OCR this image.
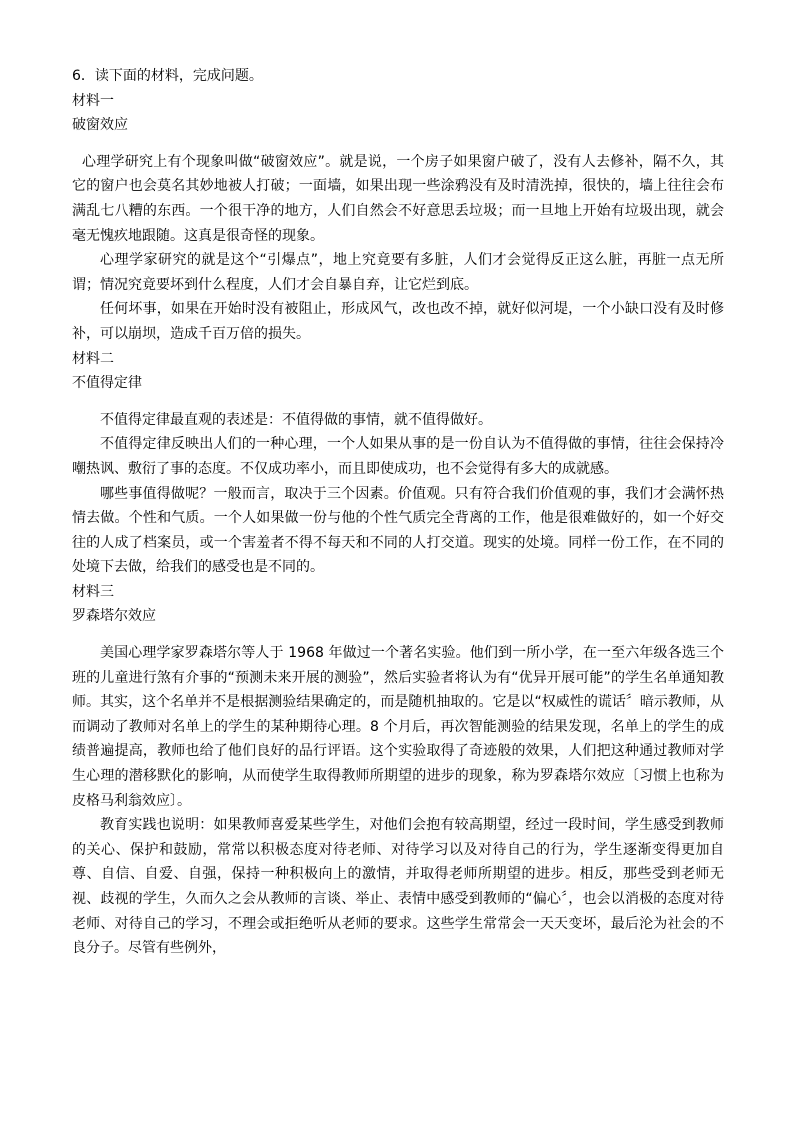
6．读下面的材料，完成问题。

材料一

破窗效应

心理学研究上有个现象叫做“破窗效应”。就是说，一个房子如果窗户破了，没有人去修补，隔不久，其它的窗户也会莫名其妙地被人打破；一面墙，如果出现一些涂鸦没有及时清洗掉，很快的，墙上往往会布满乱七八糟的东西。一个很干净的地方，人们自然会不好意思丢垃圾；而一旦地上开始有垃圾出现，就会毫无愧疚地跟随。这真是很奇怪的现象。

心理学家研究的就是这个“引爆点”，地上究竟要有多脏，人们才会觉得反正这么脏，再脏一点无所谓；情况究竟要坏到什么程度，人们才会自暴自弃，让它烂到底。

任何坏事，如果在开始时没有被阻止，形成风气，改也改不掉，就好似河堤，一个小缺口没有及时修补，可以崩坝，造成千百万倍的损失。

材料二

不值得定律

不值得定律最直观的表述是：不值得做的事情，就不值得做好。

不值得定律反映出人们的一种心理，一个人如果从事的是一份自认为不值得做的事情，往往会保持冷嘲热讽、敷衍了事的态度。不仅成功率小，而且即使成功，也不会觉得有多大的成就感。

哪些事值得做呢？一般而言，取决于三个因素。价值观。只有符合我们价值观的事，我们才会满怀热情去做。个性和气质。一个人如果做一份与他的个性气质完全背离的工作，他是很难做好的，如一个好交往的人成了档案员，或一个害羞者不得不每天和不同的人打交道。现实的处境。同样一份工作，在不同的处境下去做，给我们的感受也是不同的。

材料三

罗森塔尔效应

美国心理学家罗森塔尔等人于 1968 年做过一个著名实验。他们到一所小学，在一至六年级各选三个班的儿童进行煞有介事的“预测未来开展的测验”，然后实验者将认为有“优异开展可能”的学生名单通知教师。其实，这个名单并不是根据测验结果确定的，而是随机抽取的。它是以“权威性的谎话〞暗示教师，从而调动了教师对名单上的学生的某种期待心理。8 个月后，再次智能测验的结果发现，名单上的学生的成绩普遍提高，教师也给了他们良好的品行评语。这个实验取得了奇迹般的效果，人们把这种通过教师对学生心理的潜移默化的影响，从而使学生取得教师所期望的进步的现象，称为罗森塔尔效应〔习惯上也称为皮格马利翁效应〕。

教育实践也说明：如果教师喜爱某些学生，对他们会抱有较高期望，经过一段时间，学生感受到教师的关心、保护和鼓励，常常以积极态度对待老师、对待学习以及对待自己的行为，学生逐渐变得更加自尊、自信、自爱、自强，保持一种积极向上的激情，并取得老师所期望的进步。相反，那些受到老师无视、歧视的学生，久而久之会从教师的言谈、举止、表情中感受到教师的“偏心〞，也会以消极的态度对待老师、对待自己的学习，不理会或拒绝听从老师的要求。这些学生常常会一天天变坏，最后沦为社会的不良分子。尽管有些例外，
